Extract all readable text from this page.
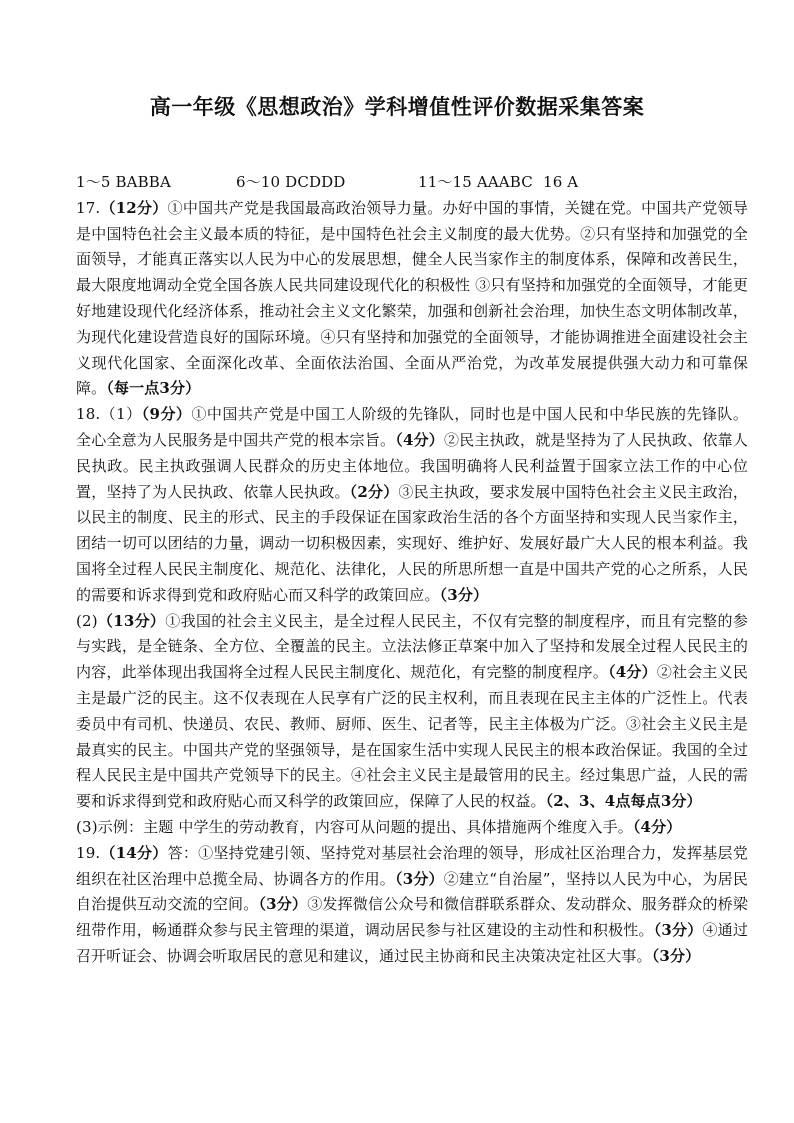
高一年级《思想政治》学科增值性评价数据采集答案
1～5 BABBA	6～10 DCDDD	11～15 AAABC 16 A

17.（12分）①中国共产党是我国最高政治领导力量。办好中国的事情，关键在党。中国共产党领导是中国特色社会主义最本质的特征，是中国特色社会主义制度的最大优势。②只有坚持和加强党的全面领导，才能真正落实以人民为中心的发展思想，健全人民当家作主的制度体系，保障和改善民生，最大限度地调动全党全国各族人民共同建设现代化的积极性 ③只有坚持和加强党的全面领导，才能更好地建设现代化经济体系，推动社会主义文化繁荣，加强和创新社会治理，加快生态文明体制改革，为现代化建设营造良好的国际环境。④只有坚持和加强党的全面领导，才能协调推进全面建设社会主义现代化国家、全面深化改革、全面依法治国、全面从严治党，为改革发展提供强大动力和可靠保障。（每一点3分）

18.（1）（9分）①中国共产党是中国工人阶级的先锋队，同时也是中国人民和中华民族的先锋队。全心全意为人民服务是中国共产党的根本宗旨。（4分）②民主执政，就是坚持为了人民执政、依靠人民执政。民主执政强调人民群众的历史主体地位。我国明确将人民利益置于国家立法工作的中心位置，坚持了为人民执政、依靠人民执政。（2分）③民主执政，要求发展中国特色社会主义民主政治，以民主的制度、民主的形式、民主的手段保证在国家政治生活的各个方面坚持和实现人民当家作主，团结一切可以团结的力量，调动一切积极因素，实现好、维护好、发展好最广大人民的根本利益。我国将全过程人民民主制度化、规范化、法律化，人民的所思所想一直是中国共产党的心之所系，人民的需要和诉求得到党和政府贴心而又科学的政策回应。（3分）

(2)（13分）①我国的社会主义民主，是全过程人民民主，不仅有完整的制度程序，而且有完整的参与实践，是全链条、全方位、全覆盖的民主。立法法修正草案中加入了坚持和发展全过程人民民主的内容，此举体现出我国将全过程人民民主制度化、规范化，有完整的制度程序。（4分）②社会主义民主是最广泛的民主。这不仅表现在人民享有广泛的民主权利，而且表现在民主主体的广泛性上。代表委员中有司机、快递员、农民、教师、厨师、医生、记者等，民主主体极为广泛。③社会主义民主是最真实的民主。中国共产党的坚强领导，是在国家生活中实现人民民主的根本政治保证。我国的全过程人民民主是中国共产党领导下的民主。④社会主义民主是最管用的民主。经过集思广益，人民的需要和诉求得到党和政府贴心而又科学的政策回应，保障了人民的权益。（2、3、4点每点3分）

(3)示例：主题 中学生的劳动教育，内容可从问题的提出、具体措施两个维度入手。（4分）

19.（14分）答：①坚持党建引领、坚持党对基层社会治理的领导，形成社区治理合力，发挥基层党组织在社区治理中总揽全局、协调各方的作用。（3分）②建立“自治屋”，坚持以人民为中心，为居民自治提供互动交流的空间。（3分）③发挥微信公众号和微信群联系群众、发动群众、服务群众的桥梁纽带作用，畅通群众参与民主管理的渠道，调动居民参与社区建设的主动性和积极性。（3分）④通过召开听证会、协调会听取居民的意见和建议，通过民主协商和民主决策决定社区大事。（3分）
